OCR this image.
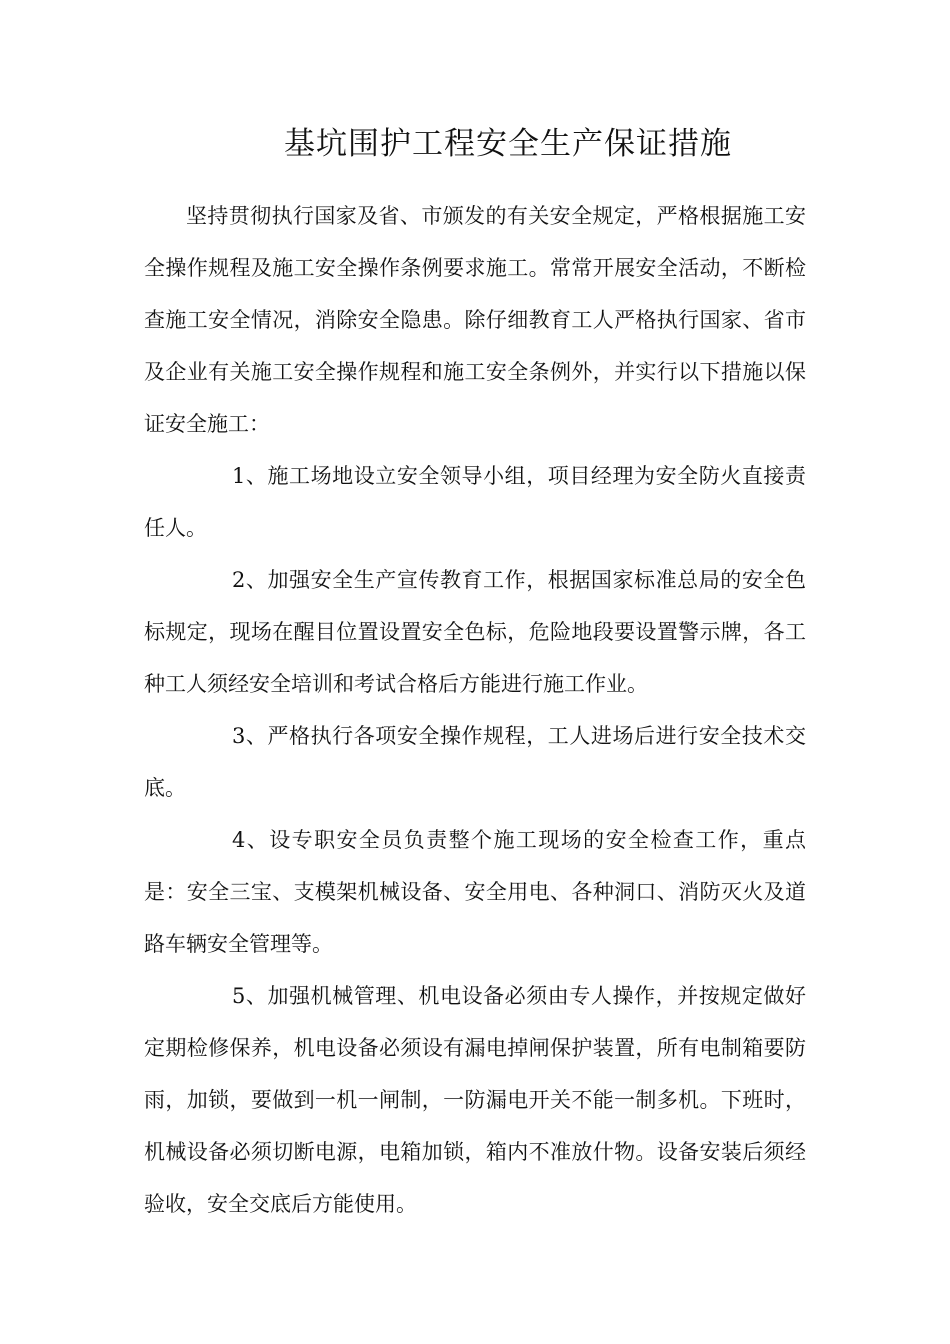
基坑围护工程安全生产保证措施

坚持贯彻执行国家及省、市颁发的有关安全规定，严格根据施工安全操作规程及施工安全操作条例要求施工。常常开展安全活动，不断检查施工安全情况，消除安全隐患。除仔细教育工人严格执行国家、省市及企业有关施工安全操作规程和施工安全条例外，并实行以下措施以保证安全施工：

1、施工场地设立安全领导小组，项目经理为安全防火直接责任人。

2、加强安全生产宣传教育工作，根据国家标准总局的安全色标规定，现场在醒目位置设置安全色标，危险地段要设置警示牌，各工种工人须经安全培训和考试合格后方能进行施工作业。

3、严格执行各项安全操作规程，工人进场后进行安全技术交底。

4、设专职安全员负责整个施工现场的安全检查工作，重点是：安全三宝、支模架机械设备、安全用电、各种洞口、消防灭火及道路车辆安全管理等。

5、加强机械管理、机电设备必须由专人操作，并按规定做好定期检修保养，机电设备必须设有漏电掉闸保护装置，所有电制箱要防雨，加锁，要做到一机一闸制，一防漏电开关不能一制多机。下班时，机械设备必须切断电源，电箱加锁，箱内不准放什物。设备安装后须经验收，安全交底后方能使用。
